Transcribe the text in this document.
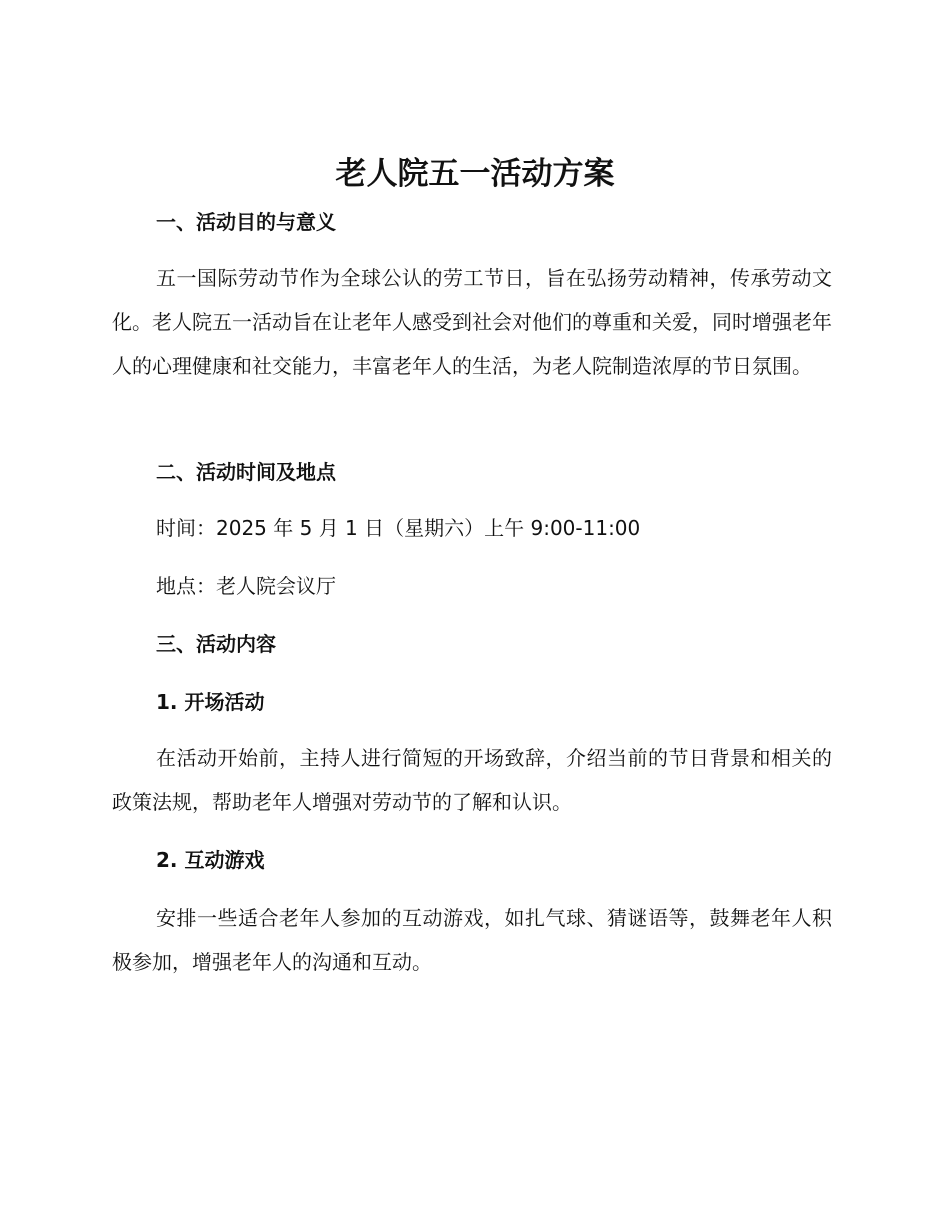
老人院五一活动方案
一、活动目的与意义

五一国际劳动节作为全球公认的劳工节日，旨在弘扬劳动精神，传承劳动文化。老人院五一活动旨在让老年人感受到社会对他们的尊重和关爱，同时增强老年人的心理健康和社交能力，丰富老年人的生活，为老人院制造浓厚的节日氛围。

二、活动时间及地点

时间：2025 年 5 月 1 日（星期六）上午 9:00-11:00

地点：老人院会议厅

三、活动内容
1. 开场活动

在活动开始前，主持人进行简短的开场致辞，介绍当前的节日背景和相关的政策法规，帮助老年人增强对劳动节的了解和认识。

2. 互动游戏

安排一些适合老年人参加的互动游戏，如扎气球、猜谜语等，鼓舞老年人积极参加，增强老年人的沟通和互动。
